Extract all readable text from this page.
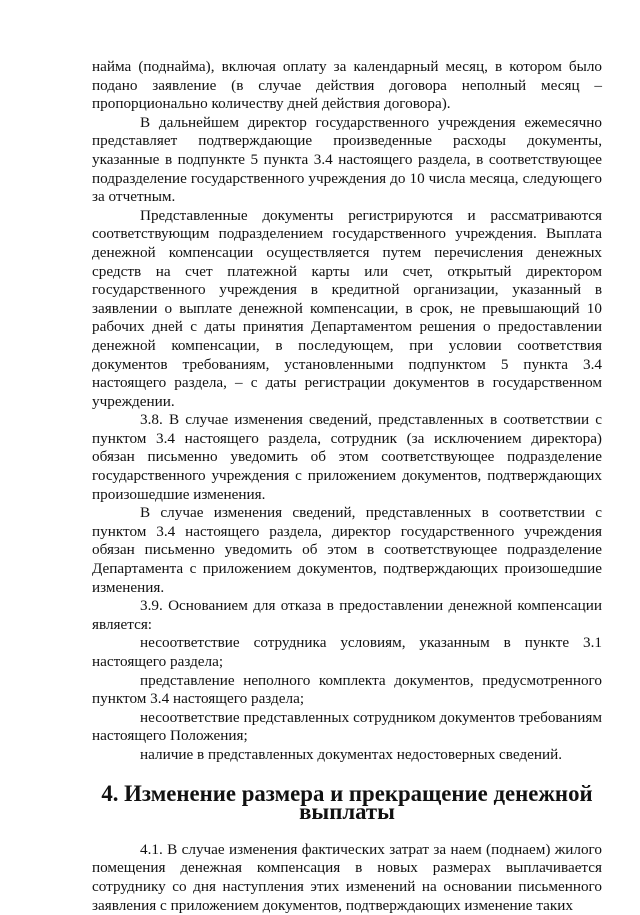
найма (поднайма), включая оплату за календарный месяц, в котором было подано заявление (в случае действия договора неполный месяц – пропорционально количеству дней действия договора).

В дальнейшем директор государственного учреждения ежемесячно представляет подтверждающие произведенные расходы документы, указанные в подпункте 5 пункта 3.4 настоящего раздела, в соответствующее подразделение государственного учреждения до 10 числа месяца, следующего за отчетным.

Представленные документы регистрируются и рассматриваются соответствующим подразделением государственного учреждения. Выплата денежной компенсации осуществляется путем перечисления денежных средств на счет платежной карты или счет, открытый директором государственного учреждения в кредитной организации, указанный в заявлении о выплате денежной компенсации, в срок, не превышающий 10 рабочих дней с даты принятия Департаментом решения о предоставлении денежной компенсации, в последующем, при условии соответствия документов требованиям, установленными подпунктом 5 пункта 3.4 настоящего раздела, – с даты регистрации документов в государственном учреждении.

3.8. В случае изменения сведений, представленных в соответствии с пунктом 3.4 настоящего раздела, сотрудник (за исключением директора) обязан письменно уведомить об этом соответствующее подразделение государственного учреждения с приложением документов, подтверждающих произошедшие изменения.

В случае изменения сведений, представленных в соответствии с пунктом 3.4 настоящего раздела, директор государственного учреждения обязан письменно уведомить об этом в соответствующее подразделение Департамента с приложением документов, подтверждающих произошедшие изменения.

3.9. Основанием для отказа в предоставлении денежной компенсации является:

несоответствие сотрудника условиям, указанным в пункте 3.1 настоящего раздела;

представление неполного комплекта документов, предусмотренного пунктом 3.4 настоящего раздела;

несоответствие представленных сотрудником документов требованиям настоящего Положения;

наличие в представленных документах недостоверных сведений.

4. Изменение размера и прекращение денежной выплаты

4.1. В случае изменения фактических затрат за наем (поднаем) жилого помещения денежная компенсация в новых размерах выплачивается сотруднику со дня наступления этих изменений на основании письменного заявления с приложением документов, подтверждающих изменение таких
